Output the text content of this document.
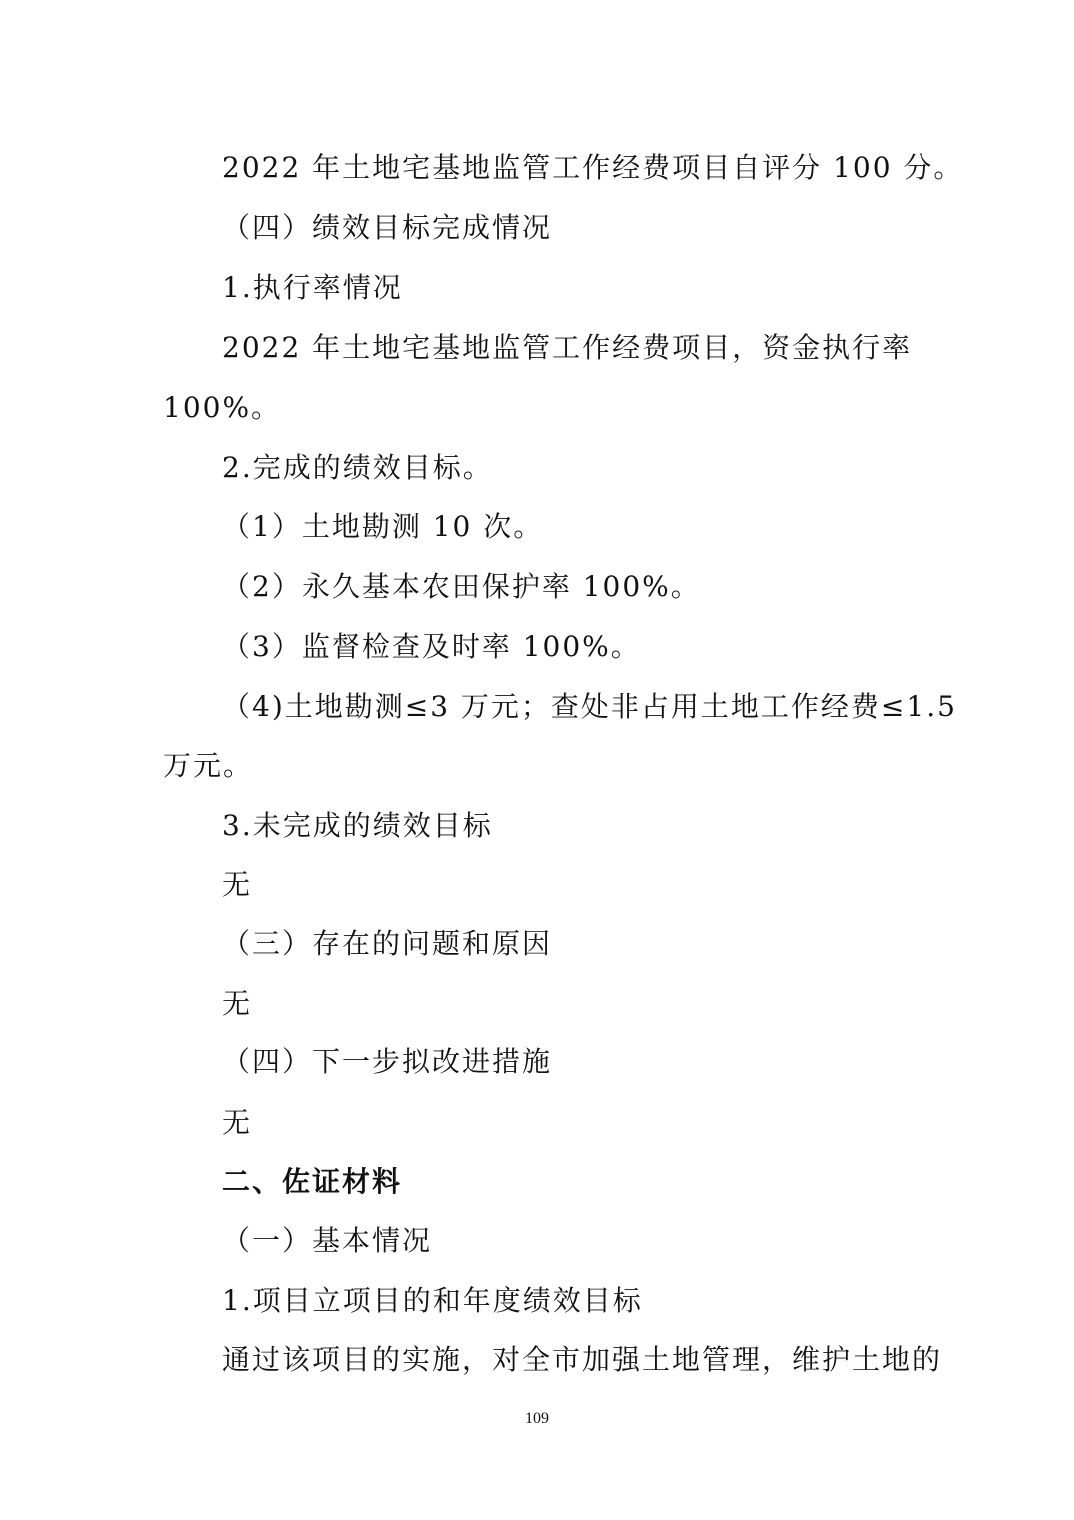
2022 年土地宅基地监管工作经费项目自评分 100 分。
（四）绩效目标完成情况
1.执行率情况
2022 年土地宅基地监管工作经费项目，资金执行率
100%。
2.完成的绩效目标。
（1）土地勘测 10 次。
（2）永久基本农田保护率 100%。
（3）监督检查及时率 100%。
（4)土地勘测≤3 万元；查处非占用土地工作经费≤1.5
万元。
3.未完成的绩效目标
无
（三）存在的问题和原因
无
（四）下一步拟改进措施
无
二、佐证材料
（一）基本情况
1.项目立项目的和年度绩效目标
通过该项目的实施，对全市加强土地管理，维护土地的
109
